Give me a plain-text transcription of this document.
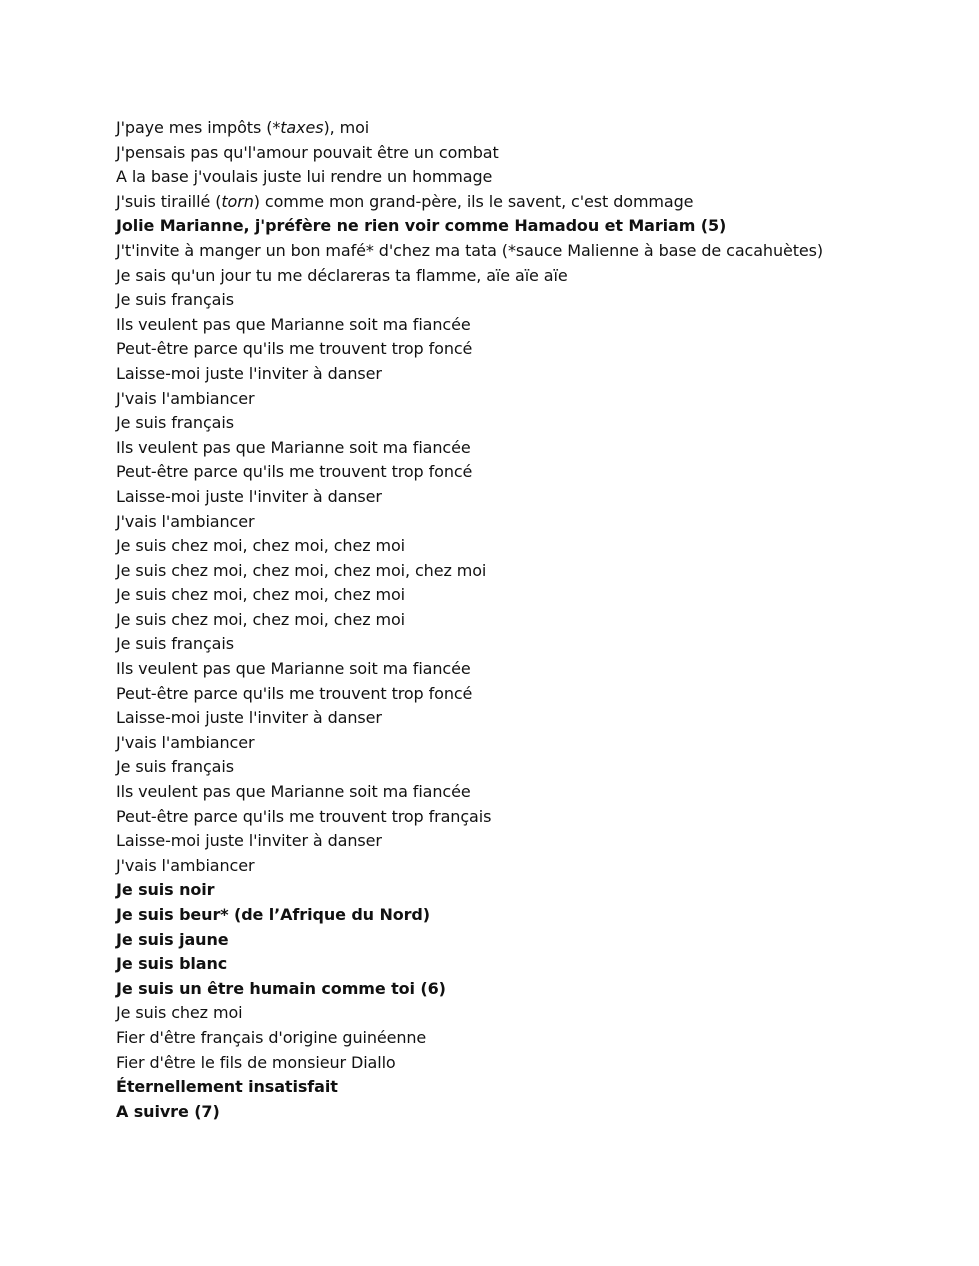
J'paye mes impôts (*taxes), moi
J'pensais pas qu'l'amour pouvait être un combat
A la base j'voulais juste lui rendre un hommage
J'suis tiraillé (torn) comme mon grand-père, ils le savent, c'est dommage
Jolie Marianne, j'préfère ne rien voir comme Hamadou et Mariam (5)
J't'invite à manger un bon mafé* d'chez ma tata (*sauce Malienne à base de cacahuètes)
Je sais qu'un jour tu me déclareras ta flamme, aïe aïe aïe
Je suis français
Ils veulent pas que Marianne soit ma fiancée
Peut-être parce qu'ils me trouvent trop foncé
Laisse-moi juste l'inviter à danser
J'vais l'ambiancer
Je suis français
Ils veulent pas que Marianne soit ma fiancée
Peut-être parce qu'ils me trouvent trop foncé
Laisse-moi juste l'inviter à danser
J'vais l'ambiancer
Je suis chez moi, chez moi, chez moi
Je suis chez moi, chez moi, chez moi, chez moi
Je suis chez moi, chez moi, chez moi
Je suis chez moi, chez moi, chez moi
Je suis français
Ils veulent pas que Marianne soit ma fiancée
Peut-être parce qu'ils me trouvent trop foncé
Laisse-moi juste l'inviter à danser
J'vais l'ambiancer
Je suis français
Ils veulent pas que Marianne soit ma fiancée
Peut-être parce qu'ils me trouvent trop français
Laisse-moi juste l'inviter à danser
J'vais l'ambiancer
Je suis noir
Je suis beur* (de l’Afrique du Nord)
Je suis jaune
Je suis blanc
Je suis un être humain comme toi (6)
Je suis chez moi
Fier d'être français d'origine guinéenne
Fier d'être le fils de monsieur Diallo
Éternellement insatisfait
A suivre (7)
